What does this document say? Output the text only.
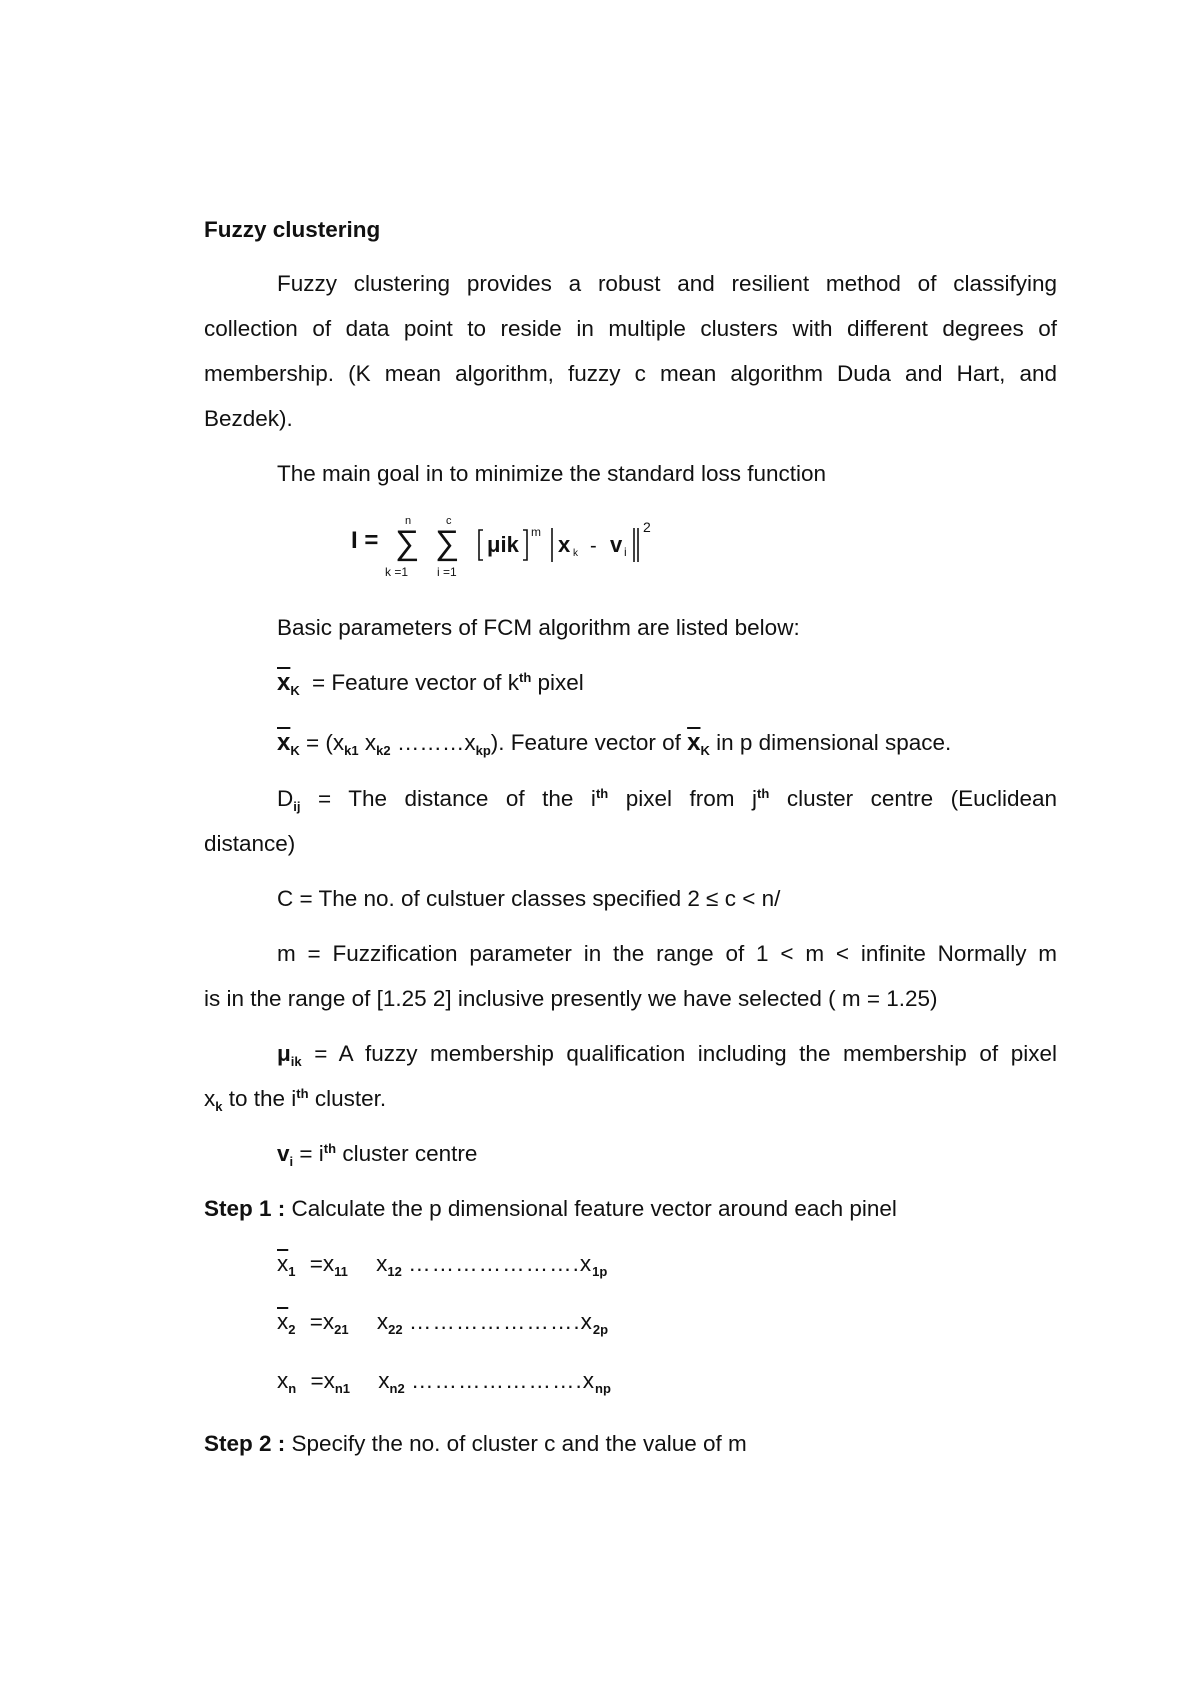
Fuzzy clustering
Fuzzy clustering provides a robust and resilient method of classifying
collection of data point to reside in multiple clusters with different degrees of
membership. (K mean algorithm, fuzzy c mean algorithm Duda and Hart, and
Bezdek).
The main goal in to minimize the standard loss function
I = ∑
n
k =1
∑
c
i =1
μik m x k - v i
2
Basic parameters of FCM algorithm are listed below:
$\overline{x}_K$ = Feature vector of $k^{th}$ pixel
$\overline{x}_K = (x_{k1}$ $x_{k2}$ $\dots\dots\dots x_{kp}$). Feature vector of $\overline{x}_K$ in p dimensional space.
$D_{ij}$ = The distance of the $i^{th}$ pixel from $j^{th}$ cluster centre (Euclidean
distance)
C = The no. of culstuer classes specified 2 ≤ c < n/
m = Fuzzification parameter in the range of 1 < m < infinite Normally m
is in the range of [1.25 2] inclusive presently we have selected ( m = 1.25)
$\mu_{ik} = A$ fuzzy membership qualification including the membership of pixel
$x_k$ to the $i^{th}$ cluster.
$v_i = i^{th}$ cluster centre
Step 1 : Calculate the p dimensional feature vector around each pinel
$\overline{x}_1 =x_{11}$ $x_{12}$ $\dots\dots\dots\dots\dots\dots\dots.x_{1p}$
$\overline{x}_2 =x_{21}$ $x_{22}$ $\dots\dots\dots\dots\dots\dots\dots.x_{2p}$
$x_n =x_{n1}$ $x_{n2}$ $\dots\dots\dots\dots\dots\dots\dots.x_{np}$
Step 2 : Specify the no. of cluster c and the value of m
